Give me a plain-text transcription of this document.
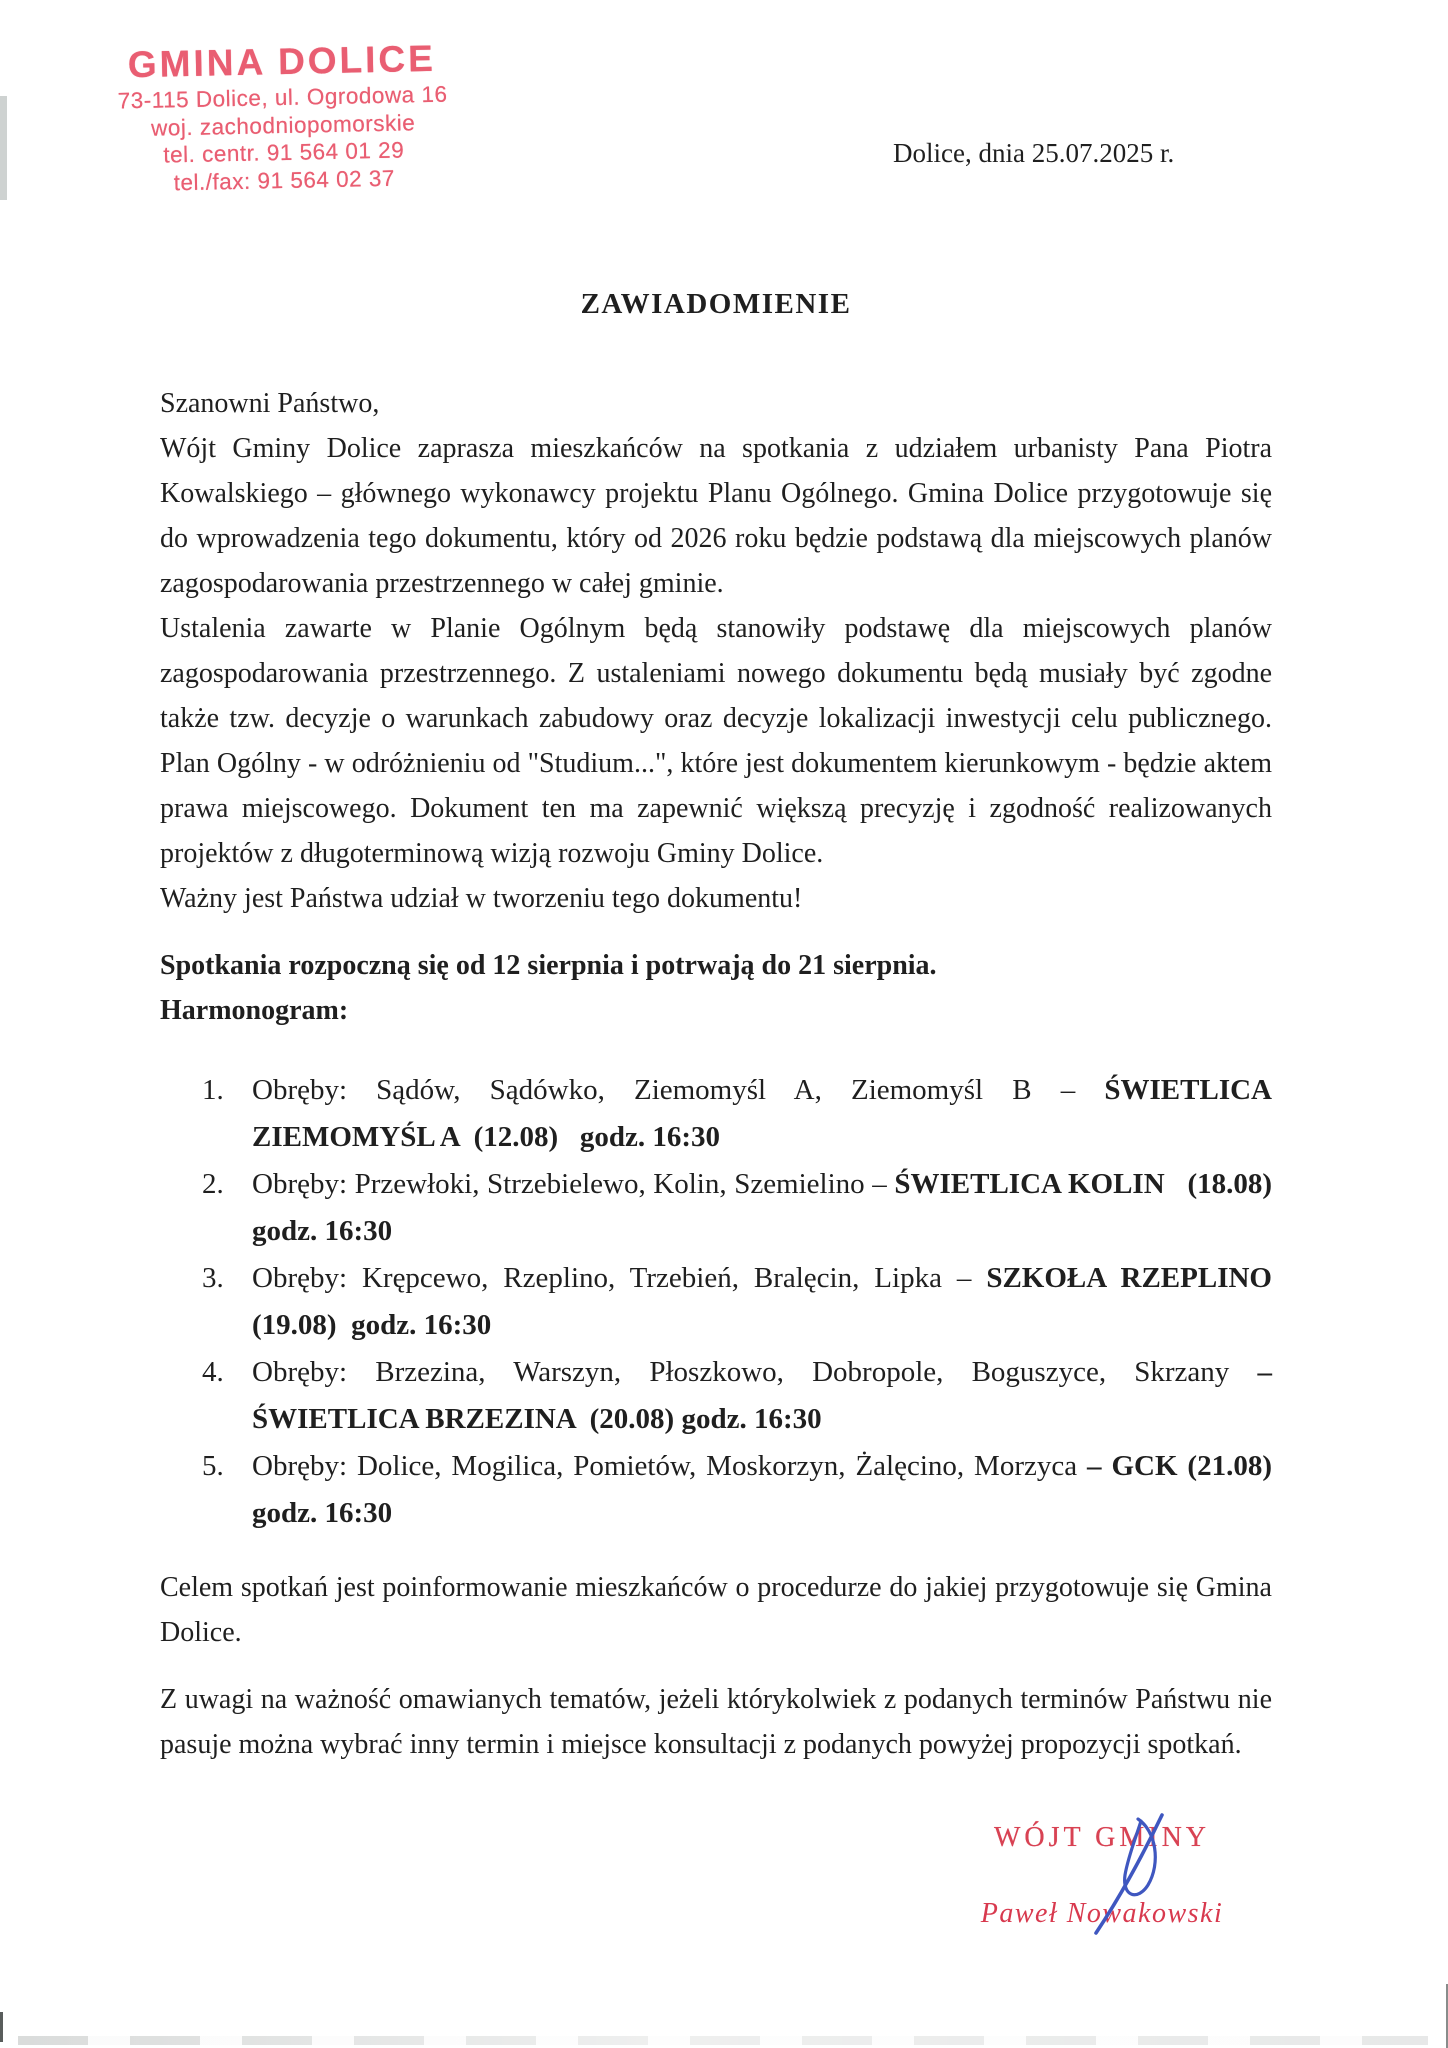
GMINA DOLICE
73-115 Dolice, ul. Ogrodowa 16
woj. zachodniopomorskie
tel. centr. 91 564 01 29
tel./fax: 91 564 02 37
Dolice, dnia 25.07.2025 r.
ZAWIADOMIENIE

Szanowni Państwo,

Wójt Gminy Dolice zaprasza mieszkańców na spotkania z udziałem urbanisty Pana Piotra Kowalskiego – głównego wykonawcy projektu Planu Ogólnego. Gmina Dolice przygotowuje się do wprowadzenia tego dokumentu, który od 2026 roku będzie podstawą dla miejscowych planów zagospodarowania przestrzennego w całej gminie.

Ustalenia zawarte w Planie Ogólnym będą stanowiły podstawę dla miejscowych planów zagospodarowania przestrzennego. Z ustaleniami nowego dokumentu będą musiały być zgodne także tzw. decyzje o warunkach zabudowy oraz decyzje lokalizacji inwestycji celu publicznego. Plan Ogólny - w odróżnieniu od "Studium...", które jest dokumentem kierunkowym - będzie aktem prawa miejscowego. Dokument ten ma zapewnić większą precyzję i zgodność realizowanych projektów z długoterminową wizją rozwoju Gminy Dolice.

Ważny jest Państwa udział w tworzeniu tego dokumentu!

Spotkania rozpoczną się od 12 sierpnia i potrwają do 21 sierpnia.
Harmonogram:
1. Obręby: Sądów, Sądówko, Ziemomyśl A, Ziemomyśl B – ŚWIETLICA ZIEMOMYŚL A  (12.08)   godz. 16:30
2. Obręby: Przewłoki, Strzebielewo, Kolin, Szemielino – ŚWIETLICA KOLIN   (18.08)  godz. 16:30
3. Obręby: Krępcewo, Rzeplino, Trzebień, Bralęcin, Lipka – SZKOŁA RZEPLINO   (19.08)  godz. 16:30
4. Obręby: Brzezina, Warszyn, Płoszkowo, Dobropole, Boguszyce, Skrzany – ŚWIETLICA BRZEZINA  (20.08) godz. 16:30
5. Obręby: Dolice, Mogilica, Pomietów, Moskorzyn, Żalęcino, Morzyca – GCK (21.08)   godz. 16:30

Celem spotkań jest poinformowanie mieszkańców o procedurze do jakiej przygotowuje się Gmina Dolice.

Z uwagi na ważność omawianych tematów, jeżeli którykolwiek z podanych terminów Państwu nie pasuje można wybrać inny termin i miejsce konsultacji z podanych powyżej propozycji spotkań.

WÓJT GMINY
Paweł Nowakowski
